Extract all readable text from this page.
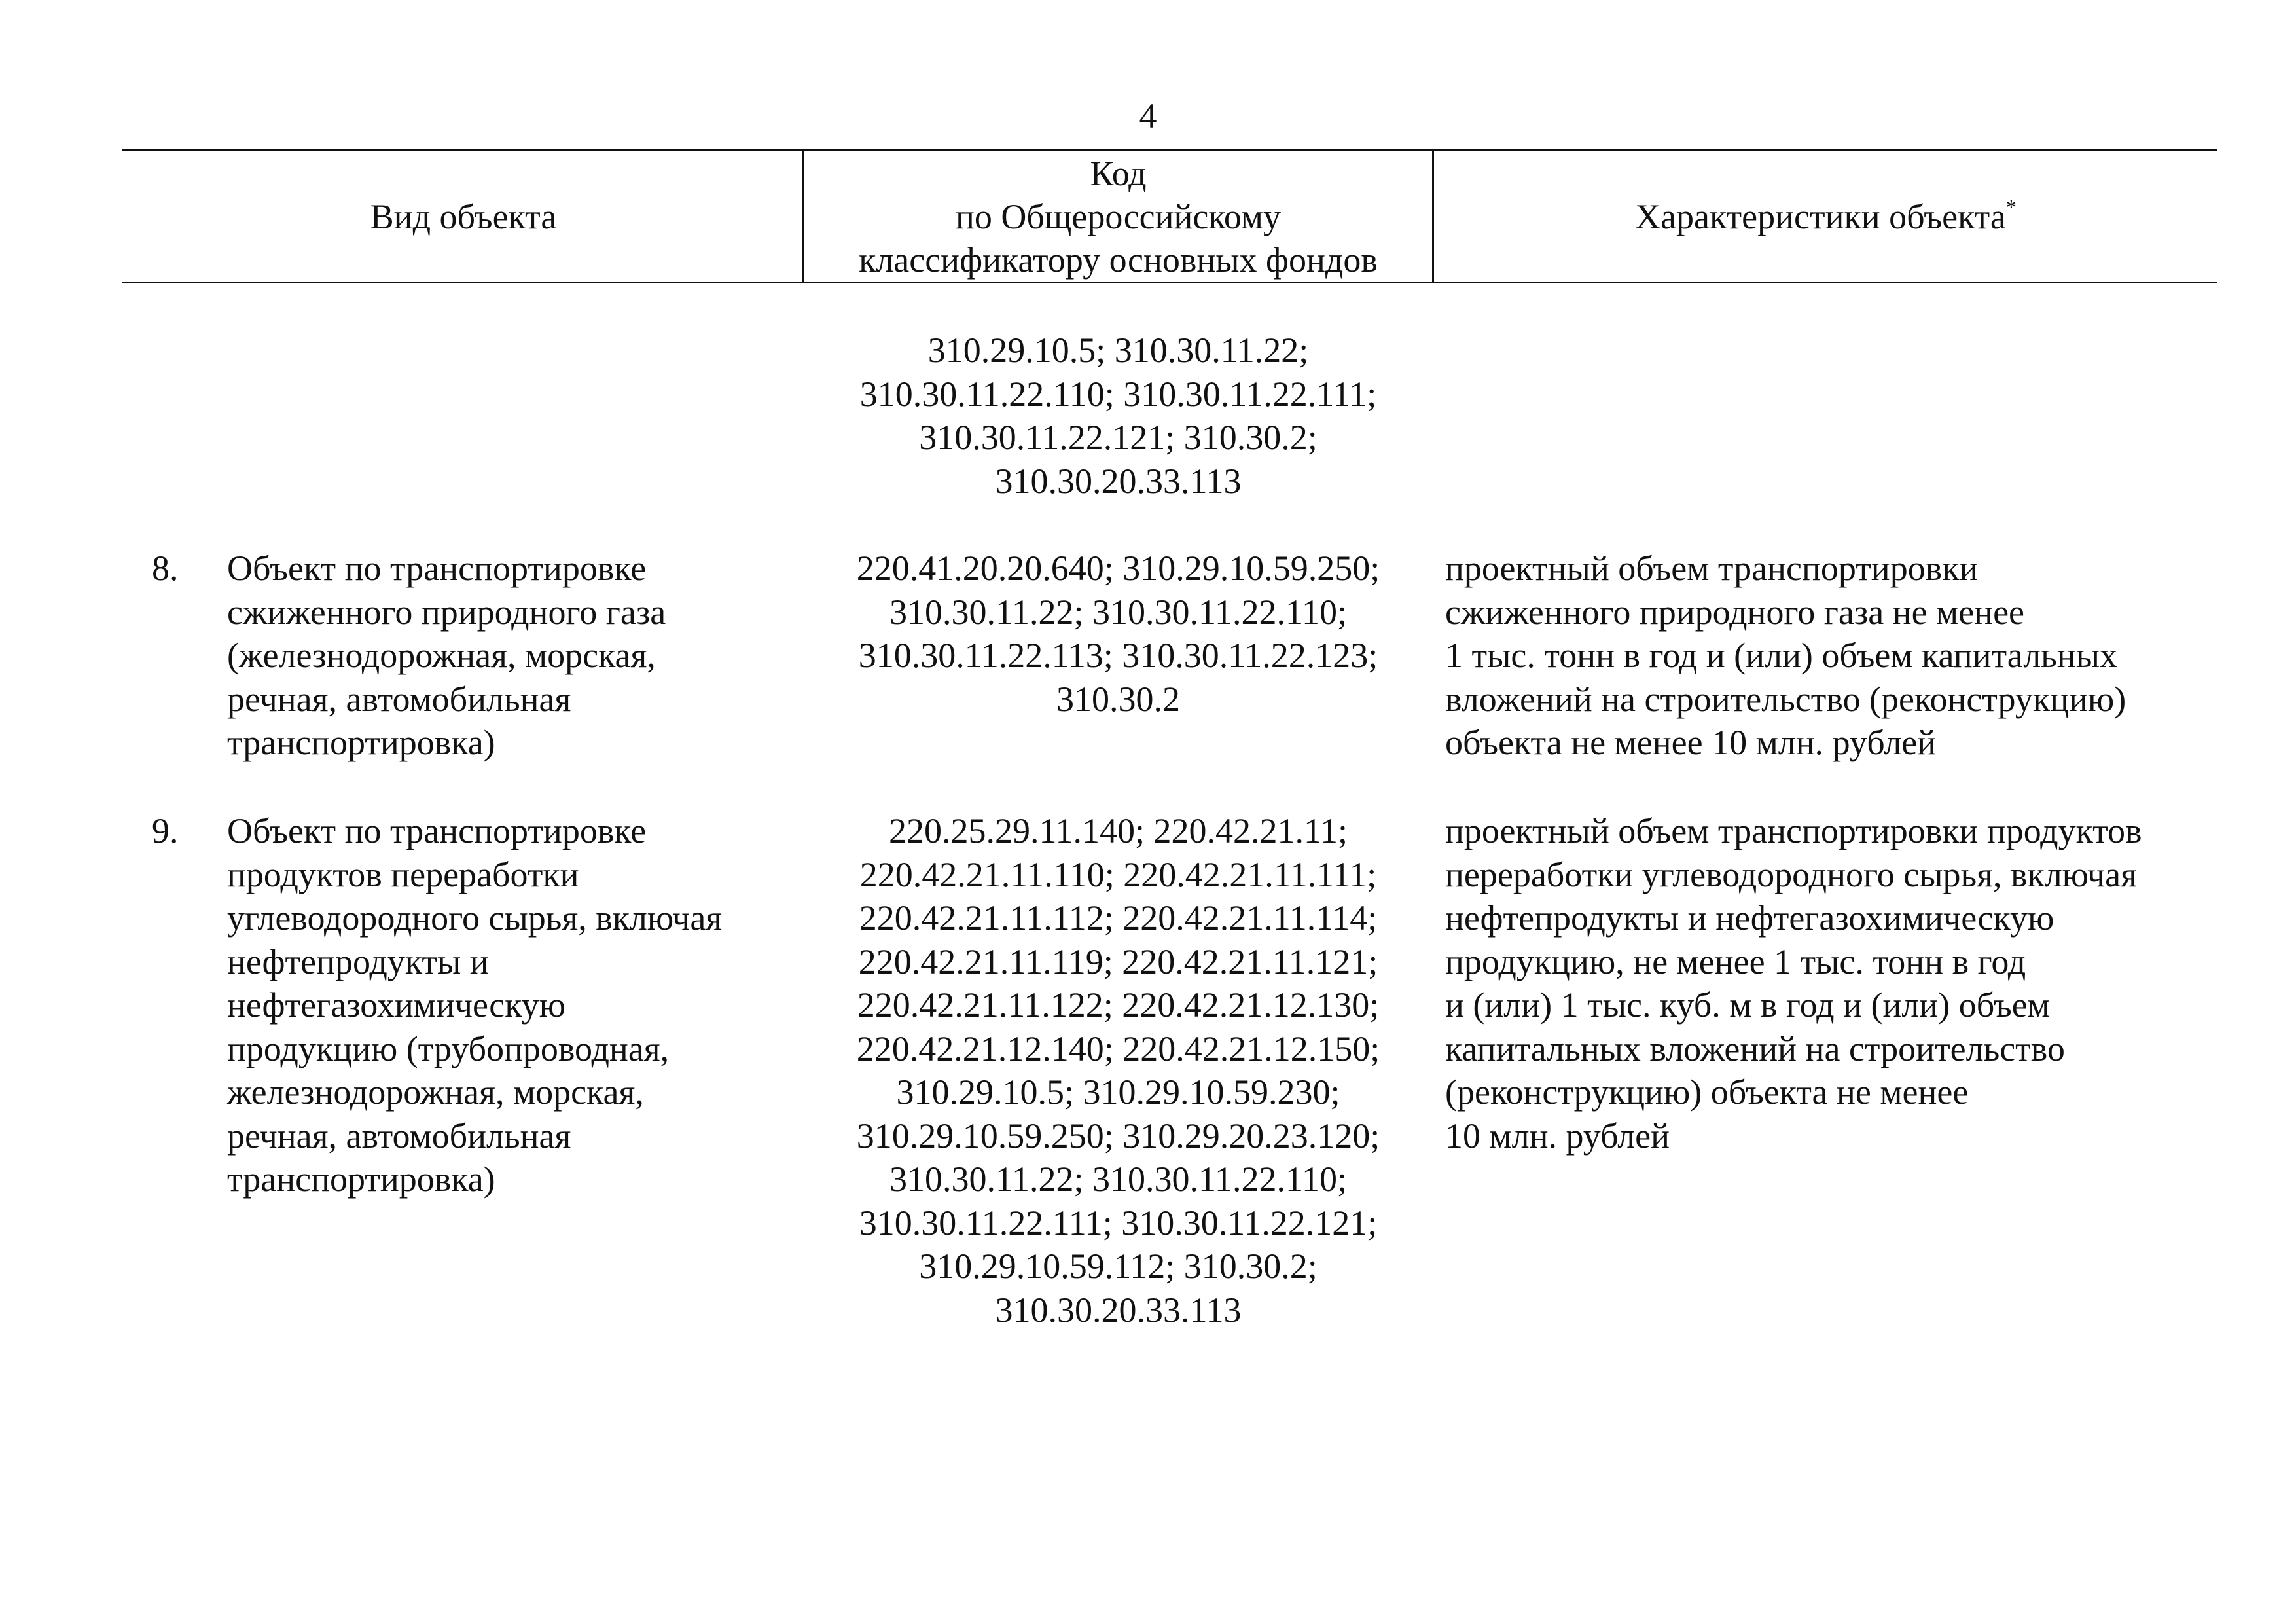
4
Вид объекта
Код
по Общероссийскому
классификатору основных фондов
Характеристики объекта*
310.29.10.5; 310.30.11.22;
310.30.11.22.110; 310.30.11.22.111;
310.30.11.22.121; 310.30.2;
310.30.20.33.113
8.	Объект по транспортировке
сжиженного природного газа
(железнодорожная, морская,
речная, автомобильная
транспортировка)
220.41.20.20.640; 310.29.10.59.250;
310.30.11.22; 310.30.11.22.110;
310.30.11.22.113; 310.30.11.22.123;
310.30.2
проектный объем транспортировки
сжиженного природного газа не менее
1 тыс. тонн в год и (или) объем капитальных
вложений на строительство (реконструкцию)
объекта не менее 10 млн. рублей
9.	Объект по транспортировке
продуктов переработки
углеводородного сырья, включая
нефтепродукты и
нефтегазохимическую
продукцию (трубопроводная,
железнодорожная, морская,
речная, автомобильная
транспортировка)
220.25.29.11.140; 220.42.21.11;
220.42.21.11.110; 220.42.21.11.111;
220.42.21.11.112; 220.42.21.11.114;
220.42.21.11.119; 220.42.21.11.121;
220.42.21.11.122; 220.42.21.12.130;
220.42.21.12.140; 220.42.21.12.150;
310.29.10.5; 310.29.10.59.230;
310.29.10.59.250; 310.29.20.23.120;
310.30.11.22; 310.30.11.22.110;
310.30.11.22.111; 310.30.11.22.121;
310.29.10.59.112; 310.30.2;
310.30.20.33.113
проектный объем транспортировки продуктов
переработки углеводородного сырья, включая
нефтепродукты и нефтегазохимическую
продукцию, не менее 1 тыс. тонн в год
и (или) 1 тыс. куб. м в год и (или) объем
капитальных вложений на строительство
(реконструкцию) объекта не менее
10 млн. рублей
